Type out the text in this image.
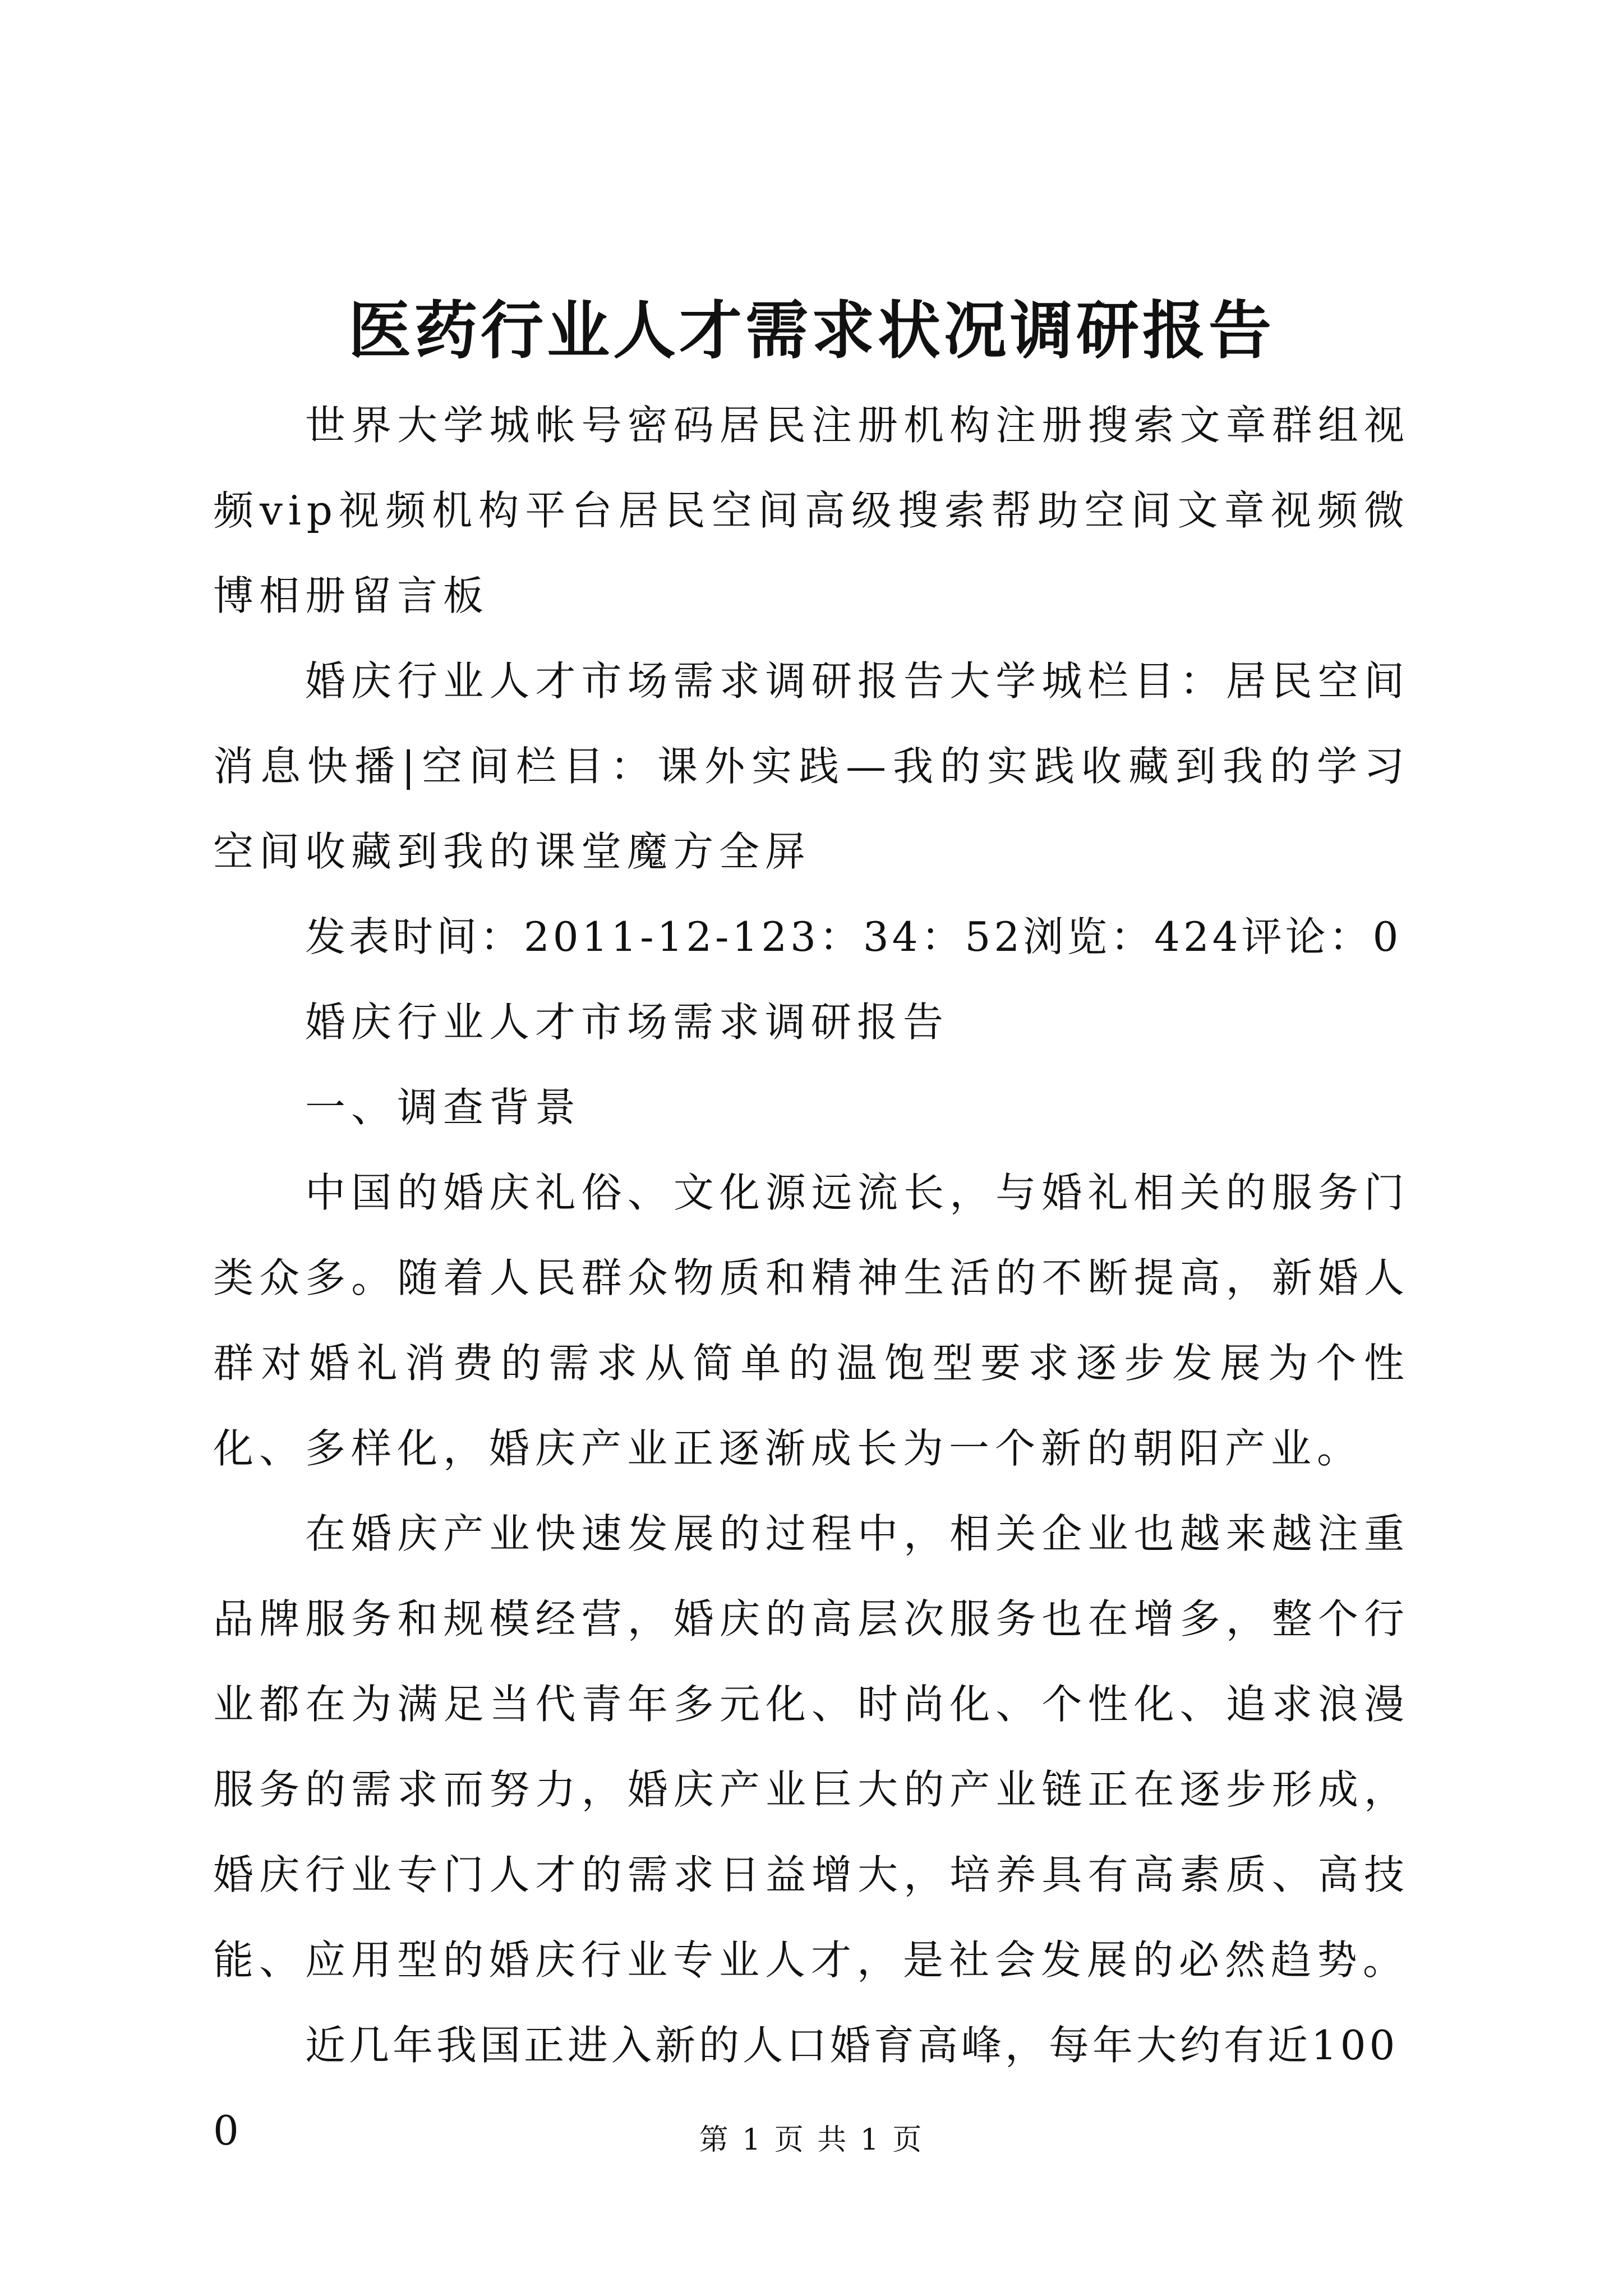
医药行业人才需求状况调研报告

世界大学城帐号密码居民注册机构注册搜索文章群组视频vip视频机构平台居民空间高级搜索帮助空间文章视频微博相册留言板

婚庆行业人才市场需求调研报告大学城栏目：居民空间消息快播|空间栏目：课外实践—我的实践收藏到我的学习空间收藏到我的课堂魔方全屏

发表时间：2011-12-123：34：52浏览：424评论：0

婚庆行业人才市场需求调研报告

一、调查背景

中国的婚庆礼俗、文化源远流长，与婚礼相关的服务门类众多。随着人民群众物质和精神生活的不断提高，新婚人群对婚礼消费的需求从简单的温饱型要求逐步发展为个性化、多样化，婚庆产业正逐渐成长为一个新的朝阳产业。

在婚庆产业快速发展的过程中，相关企业也越来越注重品牌服务和规模经营，婚庆的高层次服务也在增多，整个行业都在为满足当代青年多元化、时尚化、个性化、追求浪漫服务的需求而努力，婚庆产业巨大的产业链正在逐步形成，婚庆行业专门人才的需求日益增大，培养具有高素质、高技能、应用型的婚庆行业专业人才，是社会发展的必然趋势。

近几年我国正进入新的人口婚育高峰，每年大约有近1000	第 1 页 共 1 页
